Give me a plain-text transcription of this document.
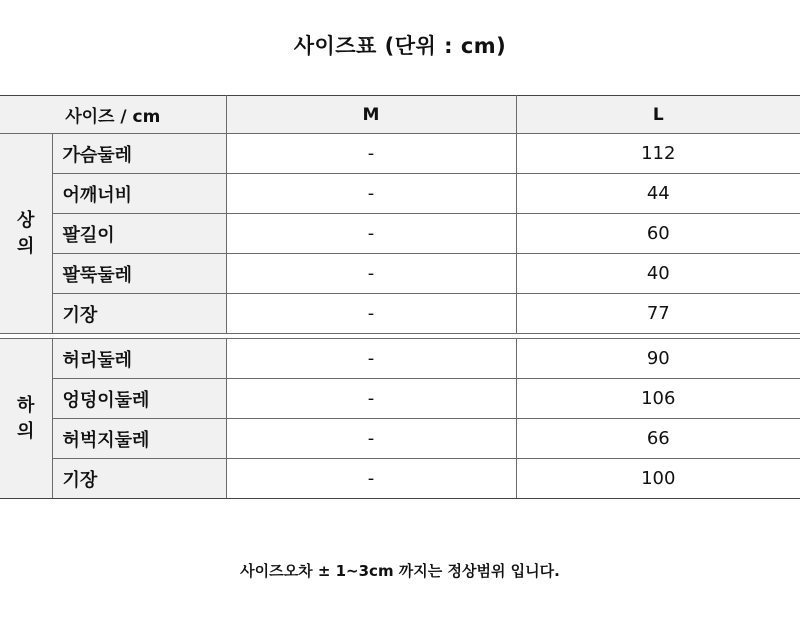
사이즈표 (단위 : cm)
사이즈 / cm		M	L
상
의	가슴둘레	-	112

	어깨너비	-	44

	팔길이	-	60

	팔뚝둘레	-	40

	기장	-	77

하
의	허리둘레	-	90

	엉덩이둘레	-	106

	허벅지둘레	-	66

	기장	-	100
사이즈오차 ± 1~3cm 까지는 정상범위 입니다.
